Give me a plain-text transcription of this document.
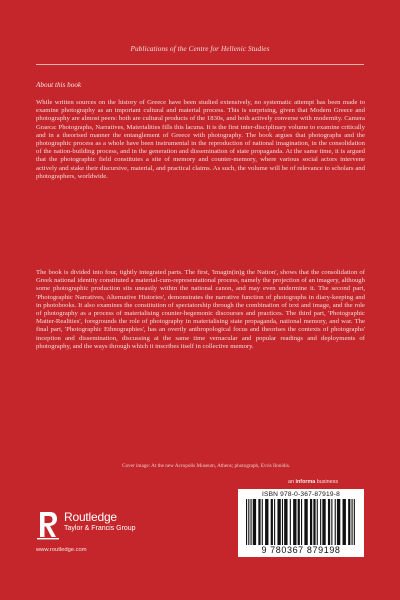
Publications of the Centre for Hellenic Studies
About this book

While written sources on the history of Greece have been studied extensively, no systematic attempt has been made to examine photography as an important cultural and material process. This is surprising, given that Modern Greece and photography are almost peers: both are cultural products of the 1830s, and both actively converse with modernity. Camera Graeca: Photographs, Narratives, Materialities fills this lacuna. It is the first inter-disciplinary volume to examine critically and in a theorised manner the entanglement of Greece with photography. The book argues that photographs and the photographic process as a whole have been instrumental in the reproduction of national imagination, in the consolidation of the nation-building process, and in the generation and dissemination of state propaganda. At the same time, it is argued that the photographic field constitutes a site of memory and counter-memory, where various social actors intervene actively and stake their discursive, material, and practical claims. As such, the volume will be of relevance to scholars and photographers, worldwide.

The book is divided into four, tightly integrated parts. The first, 'Imagin(in)g the Nation', shows that the consolidation of Greek national identity constituted a material-cum-representational process, namely the projection of an imagery, although some photographic production sits uneasily within the national canon, and may even undermine it. The second part, 'Photographic Narratives, Alternative Histories', demonstrates the narrative function of photographs in diary-keeping and in photobooks. It also examines the constitution of spectatorship through the combination of text and image, and the role of photography as a process of materialising counter-hegemonic discourses and practices. The third part, 'Photographic Matter-Realities', foregrounds the role of photography in materialising state propaganda, national memory, and war. The final part, 'Photographic Ethnographies', has an overtly anthropological focus and theorises the contexts of photographs' inception and dissemination, discussing at the same time vernacular and popular readings and deployments of photography, and the ways through which it inscribes itself in collective memory.

Cover image: At the new Acropolis Museum, Athens; photograph, Evris Ilonidis.
an informa business
ISBN 978-0-367-87919-8
9 780367 879198
Routledge
Taylor & Francis Group
www.routledge.com
